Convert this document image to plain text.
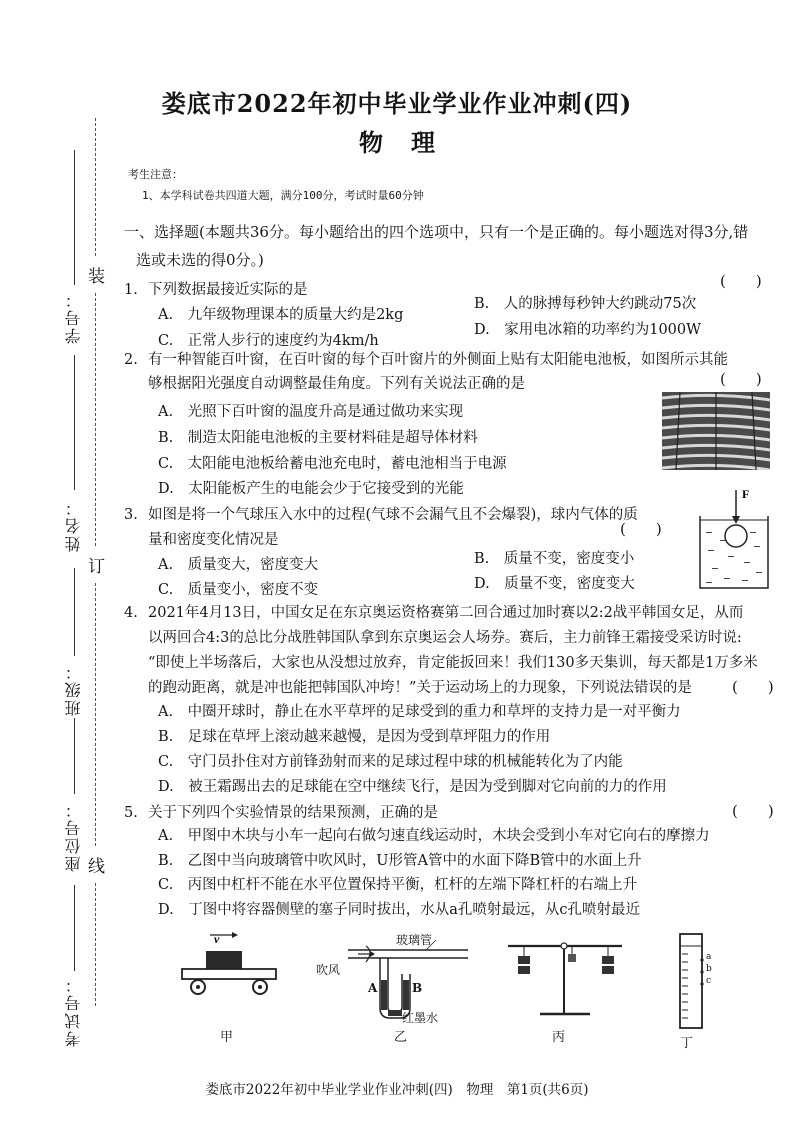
装
订
线
学号：
姓名：
班级：
座位号：
考试号：
娄底市2022年初中毕业学业作业冲刺(四)
物理
考生注意：
1、本学科试卷共四道大题，满分100分，考试时量60分钟
一、选择题(本题共36分。每小题给出的四个选项中，只有一个是正确的。每小题选对得3分,错
选或未选的得0分。)
(　　)
1. 下列数据最接近实际的是
A.　九年级物理课本的质量大约是2kg
B.　人的脉搏每秒钟大约跳动75次
C.　正常人步行的速度约为4km/h
D.　家用电冰箱的功率约为1000W
2. 有一种智能百叶窗，在百叶窗的每个百叶窗片的外侧面上贴有太阳能电池板，如图所示其能
够根据阳光强度自动调整最佳角度。下列有关说法正确的是	(　　)
A.　光照下百叶窗的温度升高是通过做功来实现
B.　制造太阳能电池板的主要材料硅是超导体材料
C.　太阳能电池板给蓄电池充电时，蓄电池相当于电源
D.　太阳能板产生的电能会少于它接受到的光能
3. 如图是将一个气球压入水中的过程(气球不会漏气且不会爆裂)，球内气体的质
量和密度变化情况是
(　　)
A.　质量变大，密度变大	B.　质量不变，密度变小
C.　质量变小，密度不变	D.　质量不变，密度变大
F
4. 2021年4月13日，中国女足在东京奥运资格赛第二回合通过加时赛以2:2战平韩国女足，从而
以两回合4:3的总比分战胜韩国队拿到东京奥运会人场券。赛后，主力前锋王霜接受采访时说:
“即使上半场落后，大家也从没想过放弃，肯定能扳回来！我们130多天集训，每天都是1万多米
的跑动距离，就是冲也能把韩国队冲垮！”关于运动场上的力现象，下列说法错误的是	(　　)
A.　中圈开球时，静止在水平草坪的足球受到的重力和草坪的支持力是一对平衡力
B.　足球在草坪上滚动越来越慢，是因为受到草坪阻力的作用
C.　守门员扑住对方前锋劲射而来的足球过程中球的机械能转化为了内能
D.　被王霜踢出去的足球能在空中继续飞行，是因为受到脚对它向前的力的作用
5. 关于下列四个实验情景的结果预测，正确的是	(　　)
A.　甲图中木块与小车一起向右做匀速直线运动时，木块会受到小车对它向右的摩擦力
B.　乙图中当向玻璃管中吹风时，U形管A管中的水面下降B管中的水面上升
C.　丙图中杠杆不能在水平位置保持平衡，杠杆的左端下降杠杆的右端上升
D.　丁图中将容器侧壁的塞子同时拔出，水从a孔喷射最远，从c孔喷射最近
v
甲
玻璃管
吹风
A	B
红墨水
乙	丙
a
b
c
丁
娄底市2022年初中毕业学业作业冲刺(四)　物理　第1页(共6页)
